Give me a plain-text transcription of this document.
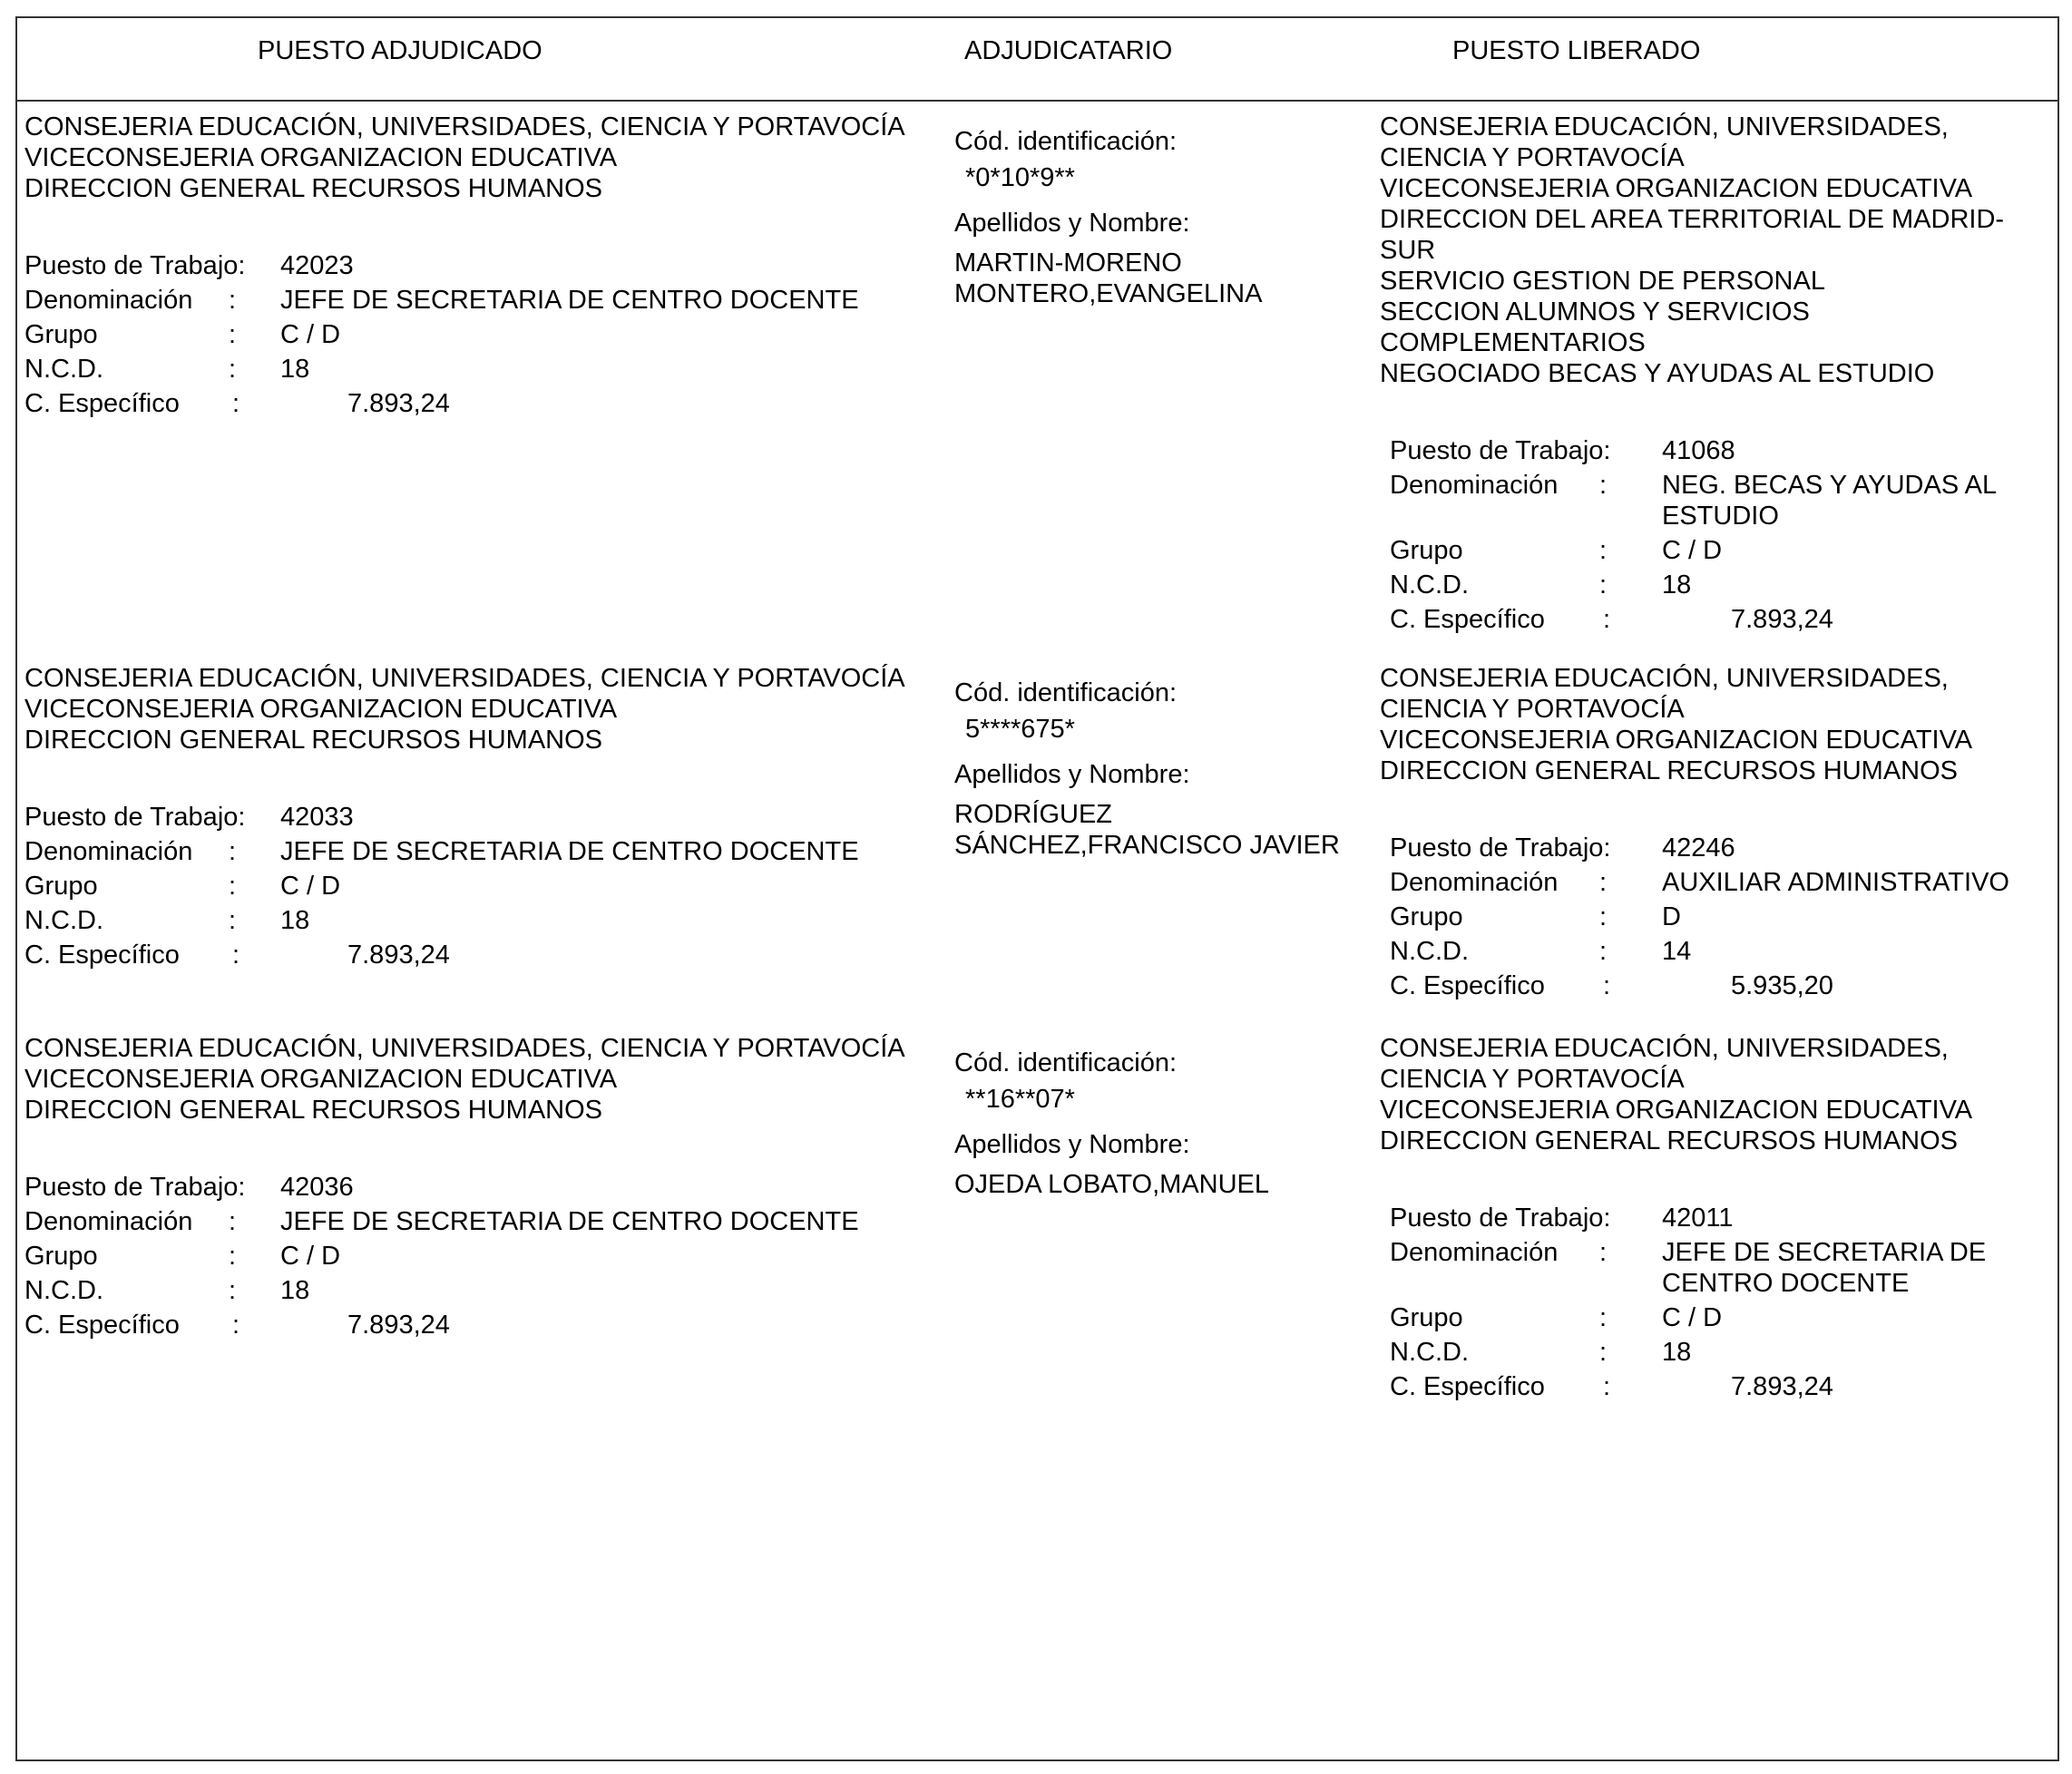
PUESTO ADJUDICADO	ADJUDICATARIO	PUESTO LIBERADO
CONSEJERIA EDUCACIÓN, UNIVERSIDADES, CIENCIA Y PORTAVOCÍA
VICECONSEJERIA ORGANIZACION EDUCATIVA
DIRECCION GENERAL RECURSOS HUMANOS
Puesto de Trabajo: 42023
Denominación : JEFE DE SECRETARIA DE CENTRO DOCENTE
Grupo	: C / D
N.C.D.	: 18
C. Específico :	7.893,24
Cód. identificación:
*0*10*9**
Apellidos y Nombre:
MARTIN-MORENO MONTERO,EVANGELINA
CONSEJERIA EDUCACIÓN, UNIVERSIDADES, CIENCIA Y PORTAVOCÍA
VICECONSEJERIA ORGANIZACION EDUCATIVA
DIRECCION DEL AREA TERRITORIAL DE MADRID-SUR
SERVICIO GESTION DE PERSONAL
SECCION ALUMNOS Y SERVICIOS COMPLEMENTARIOS
NEGOCIADO BECAS Y AYUDAS AL ESTUDIO
Puesto de Trabajo: 41068
Denominación : NEG. BECAS Y AYUDAS AL ESTUDIO
Grupo	: C / D
N.C.D.	: 18
C. Específico :	7.893,24
CONSEJERIA EDUCACIÓN, UNIVERSIDADES, CIENCIA Y PORTAVOCÍA
VICECONSEJERIA ORGANIZACION EDUCATIVA
DIRECCION GENERAL RECURSOS HUMANOS
Puesto de Trabajo: 42033
Denominación : JEFE DE SECRETARIA DE CENTRO DOCENTE
Grupo	: C / D
N.C.D.	: 18
C. Específico :	7.893,24
Cód. identificación:
5****675*
Apellidos y Nombre:
RODRÍGUEZ SÁNCHEZ,FRANCISCO JAVIER
CONSEJERIA EDUCACIÓN, UNIVERSIDADES, CIENCIA Y PORTAVOCÍA
VICECONSEJERIA ORGANIZACION EDUCATIVA
DIRECCION GENERAL RECURSOS HUMANOS
Puesto de Trabajo: 42246
Denominación : AUXILIAR ADMINISTRATIVO
Grupo	: D
N.C.D.	: 14
C. Específico :	5.935,20
CONSEJERIA EDUCACIÓN, UNIVERSIDADES, CIENCIA Y PORTAVOCÍA
VICECONSEJERIA ORGANIZACION EDUCATIVA
DIRECCION GENERAL RECURSOS HUMANOS
Puesto de Trabajo: 42036
Denominación : JEFE DE SECRETARIA DE CENTRO DOCENTE
Grupo	: C / D
N.C.D.	: 18
C. Específico :	7.893,24
Cód. identificación:
**16**07*
Apellidos y Nombre:
OJEDA LOBATO,MANUEL
CONSEJERIA EDUCACIÓN, UNIVERSIDADES, CIENCIA Y PORTAVOCÍA
VICECONSEJERIA ORGANIZACION EDUCATIVA
DIRECCION GENERAL RECURSOS HUMANOS
Puesto de Trabajo: 42011
Denominación : JEFE DE SECRETARIA DE CENTRO DOCENTE
Grupo	: C / D
N.C.D.	: 18
C. Específico :	7.893,24
